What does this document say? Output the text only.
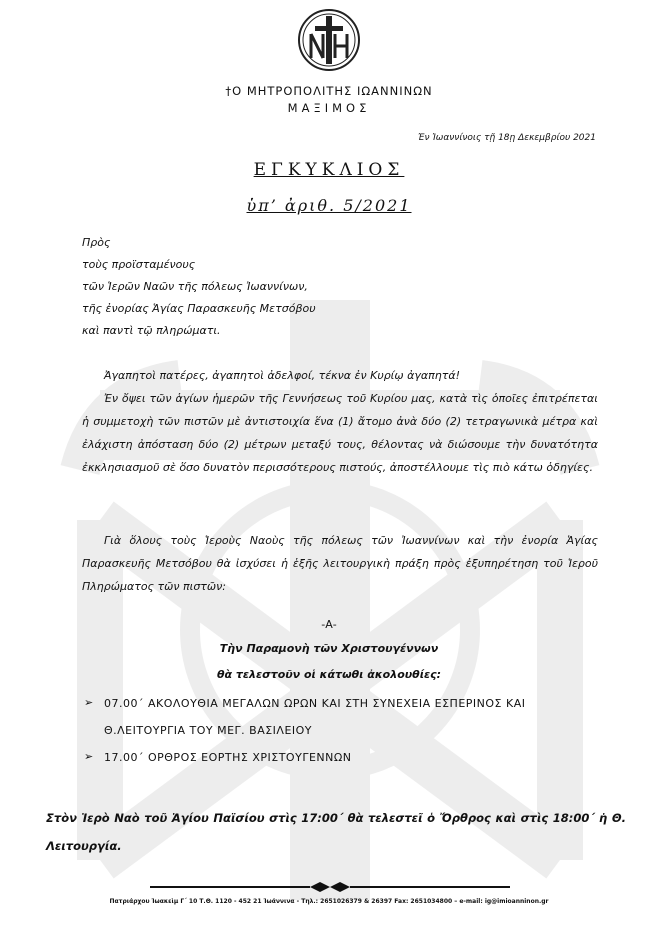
†Ο ΜΗΤΡΟΠΟΛΙΤΗΣ ΙΩΑΝΝΙΝΩΝ
ΜΑΞΙΜΟΣ
Ἐν Ἰωαννίνοις τῇ 18ῃ Δεκεμβρίου 2021
ΕΓΚΥΚΛΙΟΣ
ὑπ’ ἀριθ. 5/2021
Πρὸς
τοὺς προϊσταμένους
τῶν Ἱερῶν Ναῶν τῆς πόλεως Ἰωαννίνων,
τῆς ἐνορίας Ἁγίας Παρασκευῆς Μετσόβου
καὶ παντὶ τῷ πληρώματι.
Ἀγαπητοὶ πατέρες, ἀγαπητοὶ ἀδελφοί, τέκνα ἐν Κυρίῳ ἀγαπητά!
Ἐν ὄψει τῶν ἁγίων ἡμερῶν τῆς Γεννήσεως τοῦ Κυρίου μας, κατὰ τὶς ὁποῖες ἐπιτρέπεται ἡ συμμετοχὴ τῶν πιστῶν μὲ ἀντιστοιχία ἕνα (1) ἄτομο ἀνὰ δύο (2) τετραγωνικὰ μέτρα καὶ ἐλάχιστη ἀπόσταση δύο (2) μέτρων μεταξύ τους, θέλοντας νὰ διώσουμε τὴν δυνατότητα ἐκκλησιασμοῦ σὲ ὅσο δυνατὸν περισσότερους πιστούς, ἀποστέλλουμε τὶς πιὸ κάτω ὁδηγίες.
Γιὰ ὅλους τοὺς Ἱεροὺς Ναοὺς τῆς πόλεως τῶν Ἰωαννίνων καὶ τὴν ἐνορία Ἁγίας Παρασκευῆς Μετσόβου θὰ ἰσχύσει ἡ ἑξῆς λειτουργικὴ πράξη πρὸς ἐξυπηρέτηση τοῦ Ἱεροῦ Πληρώματος τῶν πιστῶν:
-Α-
Τὴν Παραμονὴ τῶν Χριστουγέννων
θὰ τελεστοῦν οἱ κάτωθι ἀκολουθίες:
➢ 07.00΄ ΑΚΟΛΟΥΘΙΑ ΜΕΓΑΛΩΝ ΩΡΩΝ ΚΑΙ ΣΤΗ ΣΥΝΕΧΕΙΑ ΕΣΠΕΡΙΝΟΣ ΚΑΙ
Θ.ΛΕΙΤΟΥΡΓΙΑ ΤΟΥ ΜΕΓ. ΒΑΣΙΛΕΙΟΥ
➢ 17.00΄ ΟΡΘΡΟΣ ΕΟΡΤΗΣ ΧΡΙΣΤΟΥΓΕΝΝΩΝ
Στὸν Ἱερὸ Ναὸ τοῦ Ἁγίου Παϊσίου στὶς 17:00΄ θὰ τελεστεῖ ὁ Ὄρθρος καὶ στὶς 18:00΄ ἡ Θ. Λειτουργία.
Πατριάρχου Ἰωακεὶμ Γ΄ 10 Τ.Θ. 1120 - 452 21 Ἰωάννινα - Τηλ.: 2651026379 & 26397 Fax: 2651034800 – e-mail: ig@imioanninon.gr
